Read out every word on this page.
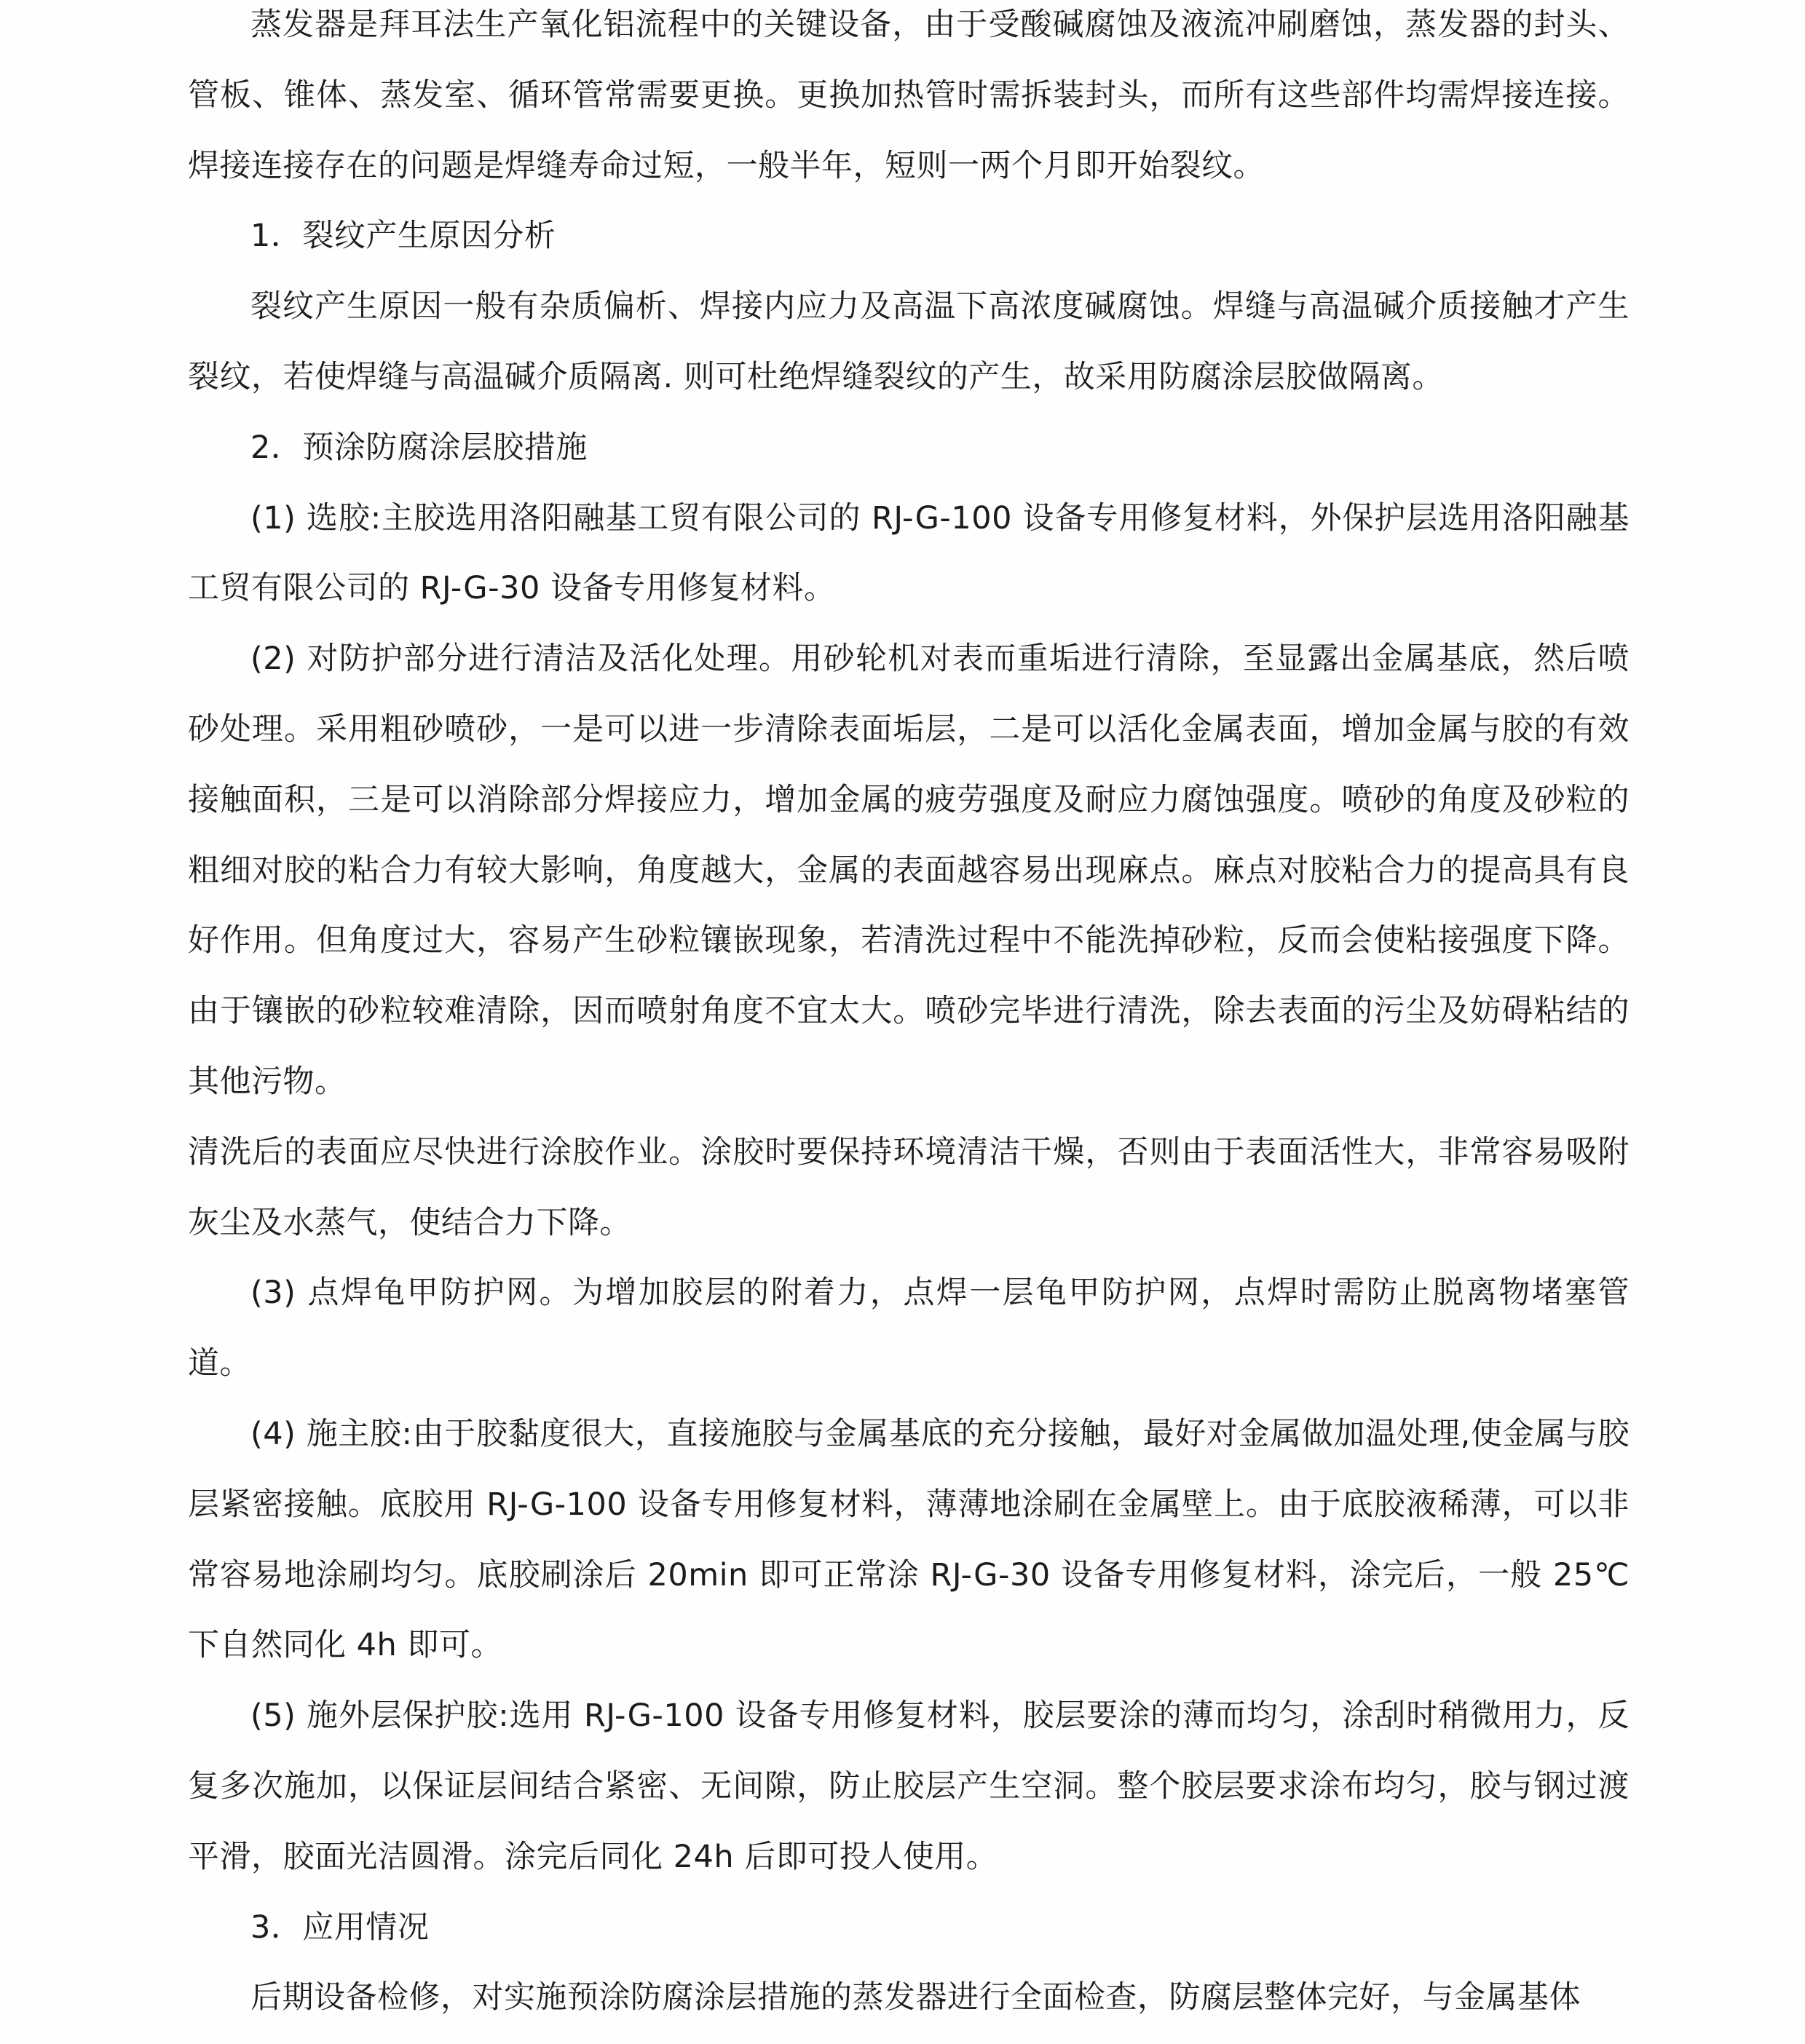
蒸发器是拜耳法生产氧化铝流程中的关键设备，由于受酸碱腐蚀及液流冲刷磨蚀，蒸发器的封头、管板、锥体、蒸发室、循环管常需要更换。更换加热管时需拆装封头，而所有这些部件均需焊接连接。焊接连接存在的问题是焊缝寿命过短，一般半年，短则一两个月即开始裂纹。

1．裂纹产生原因分析

裂纹产生原因一般有杂质偏析、焊接内应力及高温下高浓度碱腐蚀。焊缝与高温碱介质接触才产生裂纹，若使焊缝与高温碱介质隔离. 则可杜绝焊缝裂纹的产生，故采用防腐涂层胶做隔离。

2．预涂防腐涂层胶措施

(1) 选胶:主胶选用洛阳融基工贸有限公司的 RJ-G-100 设备专用修复材料，外保护层选用洛阳融基工贸有限公司的 RJ-G-30 设备专用修复材料。

(2) 对防护部分进行清洁及活化处理。用砂轮机对表而重垢进行清除，至显露出金属基底，然后喷砂处理。采用粗砂喷砂，一是可以进一步清除表面垢层，二是可以活化金属表面，增加金属与胶的有效接触面积，三是可以消除部分焊接应力，增加金属的疲劳强度及耐应力腐蚀强度。喷砂的角度及砂粒的粗细对胶的粘合力有较大影响，角度越大，金属的表面越容易出现麻点。麻点对胶粘合力的提高具有良好作用。但角度过大，容易产生砂粒镶嵌现象，若清洗过程中不能洗掉砂粒，反而会使粘接强度下降。由于镶嵌的砂粒较难清除，因而喷射角度不宜太大。喷砂完毕进行清洗，除去表面的污尘及妨碍粘结的其他污物。

清洗后的表面应尽快进行涂胶作业。涂胶时要保持环境清洁干燥，否则由于表面活性大，非常容易吸附灰尘及水蒸气，使结合力下降。

(3) 点焊龟甲防护网。为增加胶层的附着力，点焊一层龟甲防护网，点焊时需防止脱离物堵塞管道。

(4) 施主胶:由于胶黏度很大，直接施胶与金属基底的充分接触，最好对金属做加温处理,使金属与胶层紧密接触。底胶用 RJ-G-100 设备专用修复材料，薄薄地涂刷在金属壁上。由于底胶液稀薄，可以非常容易地涂刷均匀。底胶刷涂后 20min 即可正常涂 RJ-G-30 设备专用修复材料，涂完后，一般 25℃下自然同化 4h 即可。

(5) 施外层保护胶:选用 RJ-G-100 设备专用修复材料，胶层要涂的薄而均匀，涂刮时稍微用力，反复多次施加，以保证层间结合紧密、无间隙，防止胶层产生空洞。整个胶层要求涂布均匀，胶与钢过渡平滑，胶面光洁圆滑。涂完后同化 24h 后即可投人使用。

3．应用情况

后期设备检修，对实施预涂防腐涂层措施的蒸发器进行全面检查，防腐层整体完好，与金属基体
